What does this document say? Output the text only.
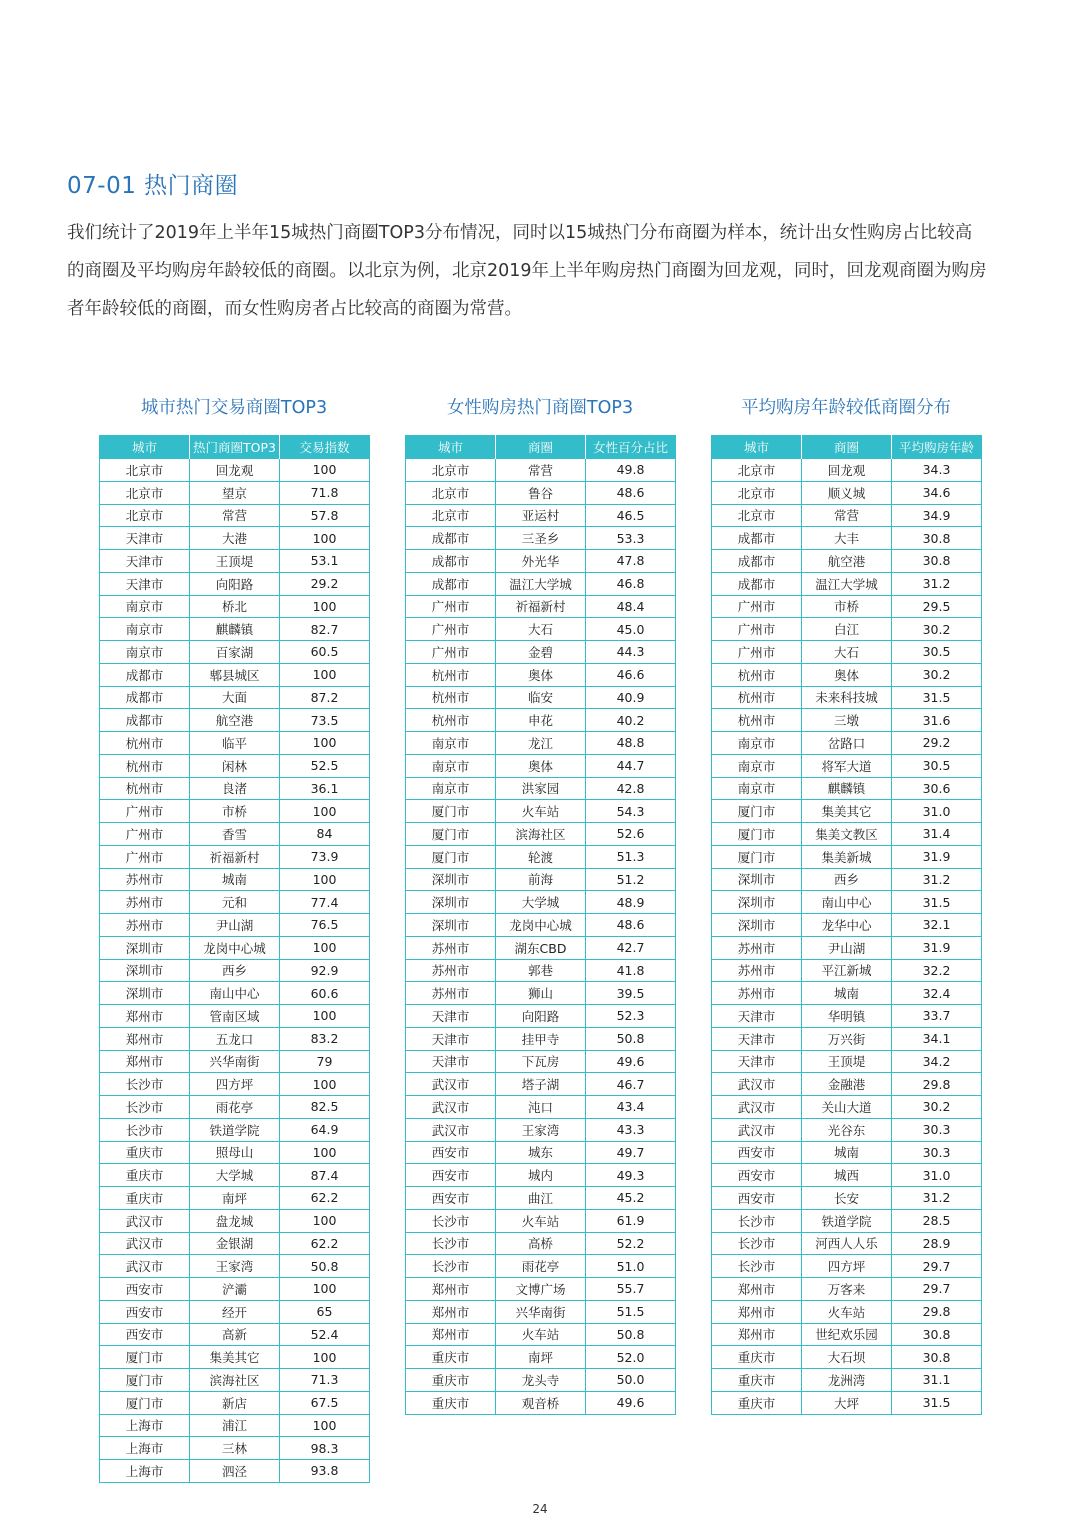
07-01 热门商圈

我们统计了2019年上半年15城热门商圈TOP3分布情况，同时以15城热门分布商圈为样本，统计出女性购房占比较高

的商圈及平均购房年龄较低的商圈。以北京为例，北京2019年上半年购房热门商圈为回龙观，同时，回龙观商圈为购房

者年龄较低的商圈，而女性购房者占比较高的商圈为常营。

城市热门交易商圈TOP3	女性购房热门商圈TOP3	平均购房年龄较低商圈分布
城市	热门商圈TOP3	交易指数
北京市	回龙观	100
北京市	望京	71.8
北京市	常营	57.8
天津市	大港	100
天津市	王顶堤	53.1
天津市	向阳路	29.2
南京市	桥北	100
南京市	麒麟镇	82.7
南京市	百家湖	60.5
成都市	郫县城区	100
成都市	大面	87.2
成都市	航空港	73.5
杭州市	临平	100
杭州市	闲林	52.5
杭州市	良渚	36.1
广州市	市桥	100
广州市	香雪	84
广州市	祈福新村	73.9
苏州市	城南	100
苏州市	元和	77.4
苏州市	尹山湖	76.5
深圳市	龙岗中心城	100
深圳市	西乡	92.9
深圳市	南山中心	60.6
郑州市	管南区域	100
郑州市	五龙口	83.2
郑州市	兴华南街	79
长沙市	四方坪	100
长沙市	雨花亭	82.5
长沙市	铁道学院	64.9
重庆市	照母山	100
重庆市	大学城	87.4
重庆市	南坪	62.2
武汉市	盘龙城	100
武汉市	金银湖	62.2
武汉市	王家湾	50.8
西安市	浐灞	100
西安市	经开	65
西安市	高新	52.4
厦门市	集美其它	100
厦门市	滨海社区	71.3
厦门市	新店	67.5
上海市	浦江	100
上海市	三林	98.3
上海市	泗泾	93.8
城市	商圈	女性百分占比
北京市	常营	49.8
北京市	鲁谷	48.6
北京市	亚运村	46.5
成都市	三圣乡	53.3
成都市	外光华	47.8
成都市	温江大学城	46.8
广州市	祈福新村	48.4
广州市	大石	45.0
广州市	金碧	44.3
杭州市	奥体	46.6
杭州市	临安	40.9
杭州市	申花	40.2
南京市	龙江	48.8
南京市	奥体	44.7
南京市	洪家园	42.8
厦门市	火车站	54.3
厦门市	滨海社区	52.6
厦门市	轮渡	51.3
深圳市	前海	51.2
深圳市	大学城	48.9
深圳市	龙岗中心城	48.6
苏州市	湖东CBD	42.7
苏州市	郭巷	41.8
苏州市	狮山	39.5
天津市	向阳路	52.3
天津市	挂甲寺	50.8
天津市	下瓦房	49.6
武汉市	塔子湖	46.7
武汉市	沌口	43.4
武汉市	王家湾	43.3
西安市	城东	49.7
西安市	城内	49.3
西安市	曲江	45.2
长沙市	火车站	61.9
长沙市	高桥	52.2
长沙市	雨花亭	51.0
郑州市	文博广场	55.7
郑州市	兴华南街	51.5
郑州市	火车站	50.8
重庆市	南坪	52.0
重庆市	龙头寺	50.0
重庆市	观音桥	49.6
城市	商圈	平均购房年龄
北京市	回龙观	34.3
北京市	顺义城	34.6
北京市	常营	34.9
成都市	大丰	30.8
成都市	航空港	30.8
成都市	温江大学城	31.2
广州市	市桥	29.5
广州市	白江	30.2
广州市	大石	30.5
杭州市	奥体	30.2
杭州市	未来科技城	31.5
杭州市	三墩	31.6
南京市	岔路口	29.2
南京市	将军大道	30.5
南京市	麒麟镇	30.6
厦门市	集美其它	31.0
厦门市	集美文教区	31.4
厦门市	集美新城	31.9
深圳市	西乡	31.2
深圳市	南山中心	31.5
深圳市	龙华中心	32.1
苏州市	尹山湖	31.9
苏州市	平江新城	32.2
苏州市	城南	32.4
天津市	华明镇	33.7
天津市	万兴街	34.1
天津市	王顶堤	34.2
武汉市	金融港	29.8
武汉市	关山大道	30.2
武汉市	光谷东	30.3
西安市	城南	30.3
西安市	城西	31.0
西安市	长安	31.2
长沙市	铁道学院	28.5
长沙市	河西人人乐	28.9
长沙市	四方坪	29.7
郑州市	万客来	29.7
郑州市	火车站	29.8
郑州市	世纪欢乐园	30.8
重庆市	大石坝	30.8
重庆市	龙洲湾	31.1
重庆市	大坪	31.5
24
